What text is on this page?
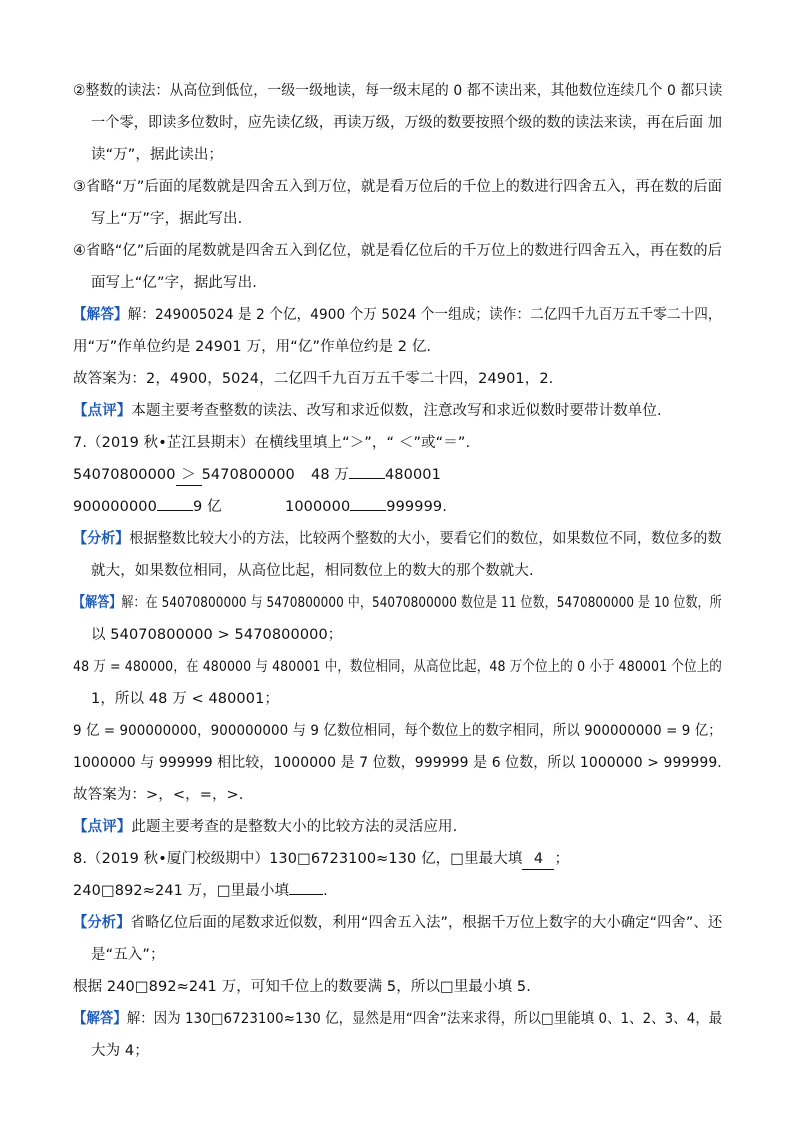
②整数的读法：从高位到低位，一级一级地读，每一级末尾的 0 都不读出来，其他数位连续几个 0 都只读
一个零，即读多位数时，应先读亿级，再读万级，万级的数要按照个级的数的读法来读，再在后面 加
读“万”，据此读出；
③省略“万”后面的尾数就是四舍五入到万位，就是看万位后的千位上的数进行四舍五入，再在数的后面
写上“万”字，据此写出.
④省略“亿”后面的尾数就是四舍五入到亿位，就是看亿位后的千万位上的数进行四舍五入，再在数的后
面写上“亿”字，据此写出.
【解答】解：249005024 是 2 个亿，4900 个万 5024 个一组成；读作：二亿四千九百万五千零二十四，
用“万”作单位约是 24901 万，用“亿”作单位约是 2 亿.
故答案为：2，4900，5024，二亿四千九百万五千零二十四，24901，2.
【点评】本题主要考查整数的读法、改写和求近似数，注意改写和求近似数时要带计数单位.
7.（2019 秋•芷江县期末）在横线里填上“＞”，“ ＜”或“＝”.
54070800000 ＞ 5470800000 48 万 480001
900000000 9 亿	1000000 999999.
【分析】根据整数比较大小的方法，比较两个整数的大小，要看它们的数位，如果数位不同，数位多的数
就大，如果数位相同，从高位比起，相同数位上的数大的那个数就大.
【解答】解：在 54070800000 与 5470800000 中，54070800000 数位是 11 位数，5470800000 是 10 位数，所
以 54070800000 > 5470800000；
48 万 = 480000，在 480000 与 480001 中，数位相同，从高位比起，48 万个位上的 0 小于 480001 个位上的
1，所以 48 万 < 480001；
9 亿 = 900000000，900000000 与 9 亿数位相同，每个数位上的数字相同，所以 900000000 = 9 亿；
1000000 与 999999 相比较，1000000 是 7 位数，999999 是 6 位数，所以 1000000 > 999999.
故答案为：>，<，=，>.
【点评】此题主要考查的是整数大小的比较方法的灵活应用.
8.（2019 秋•厦门校级期中）130□6723100≈130 亿，□里最大填 4 ；
240□892≈241 万，□里最小填 .
【分析】省略亿位后面的尾数求近似数，利用“四舍五入法”，根据千万位上数字的大小确定“四舍”、还
是“五入”；
根据 240□892≈241 万，可知千位上的数要满 5，所以□里最小填 5.
【解答】解：因为 130□6723100≈130 亿，显然是用“四舍”法来求得，所以□里能填 0、1、2、3、4，最
大为 4；
